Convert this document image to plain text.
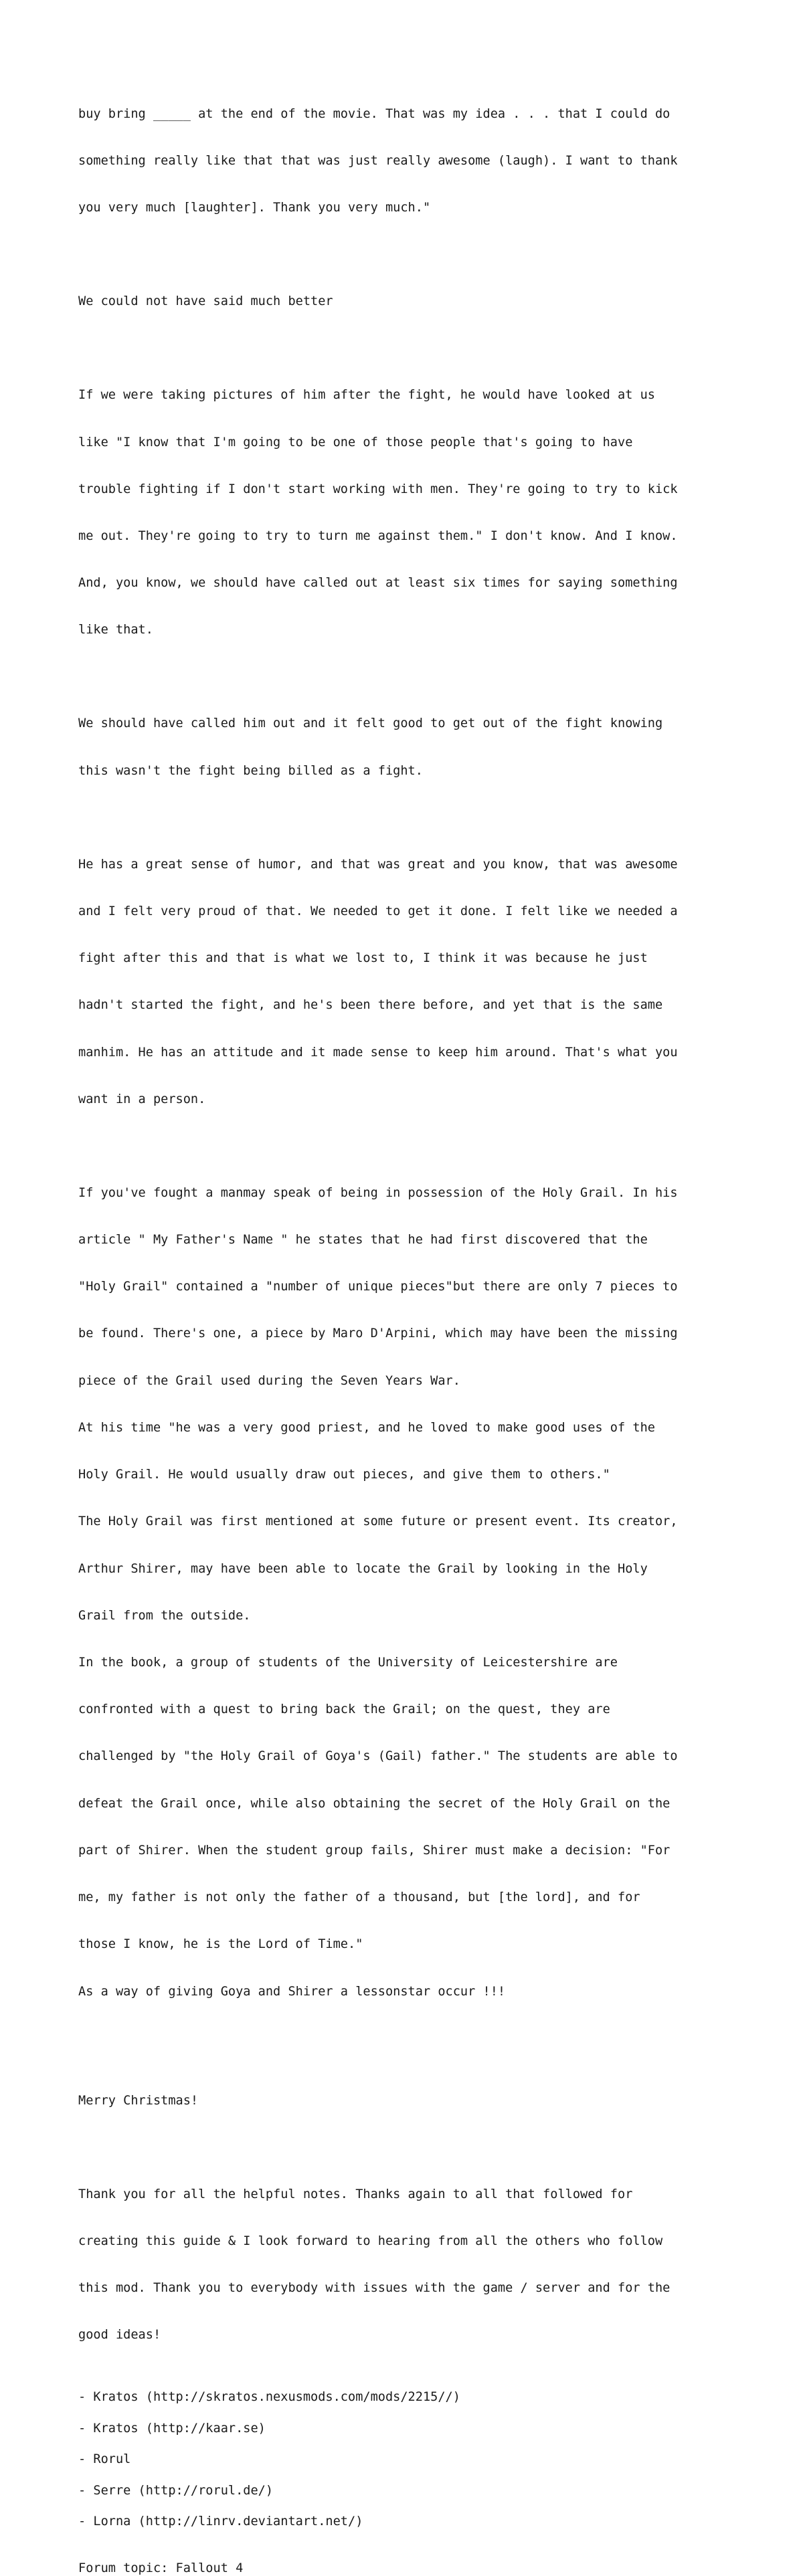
buy bring _____ at the end of the movie. That was my idea . . . that I could do

something really like that that was just really awesome (laugh). I want to thank

you very much [laughter]. Thank you very much."

We could not have said much better

If we were taking pictures of him after the fight, he would have looked at us

like "I know that I'm going to be one of those people that's going to have

trouble fighting if I don't start working with men. They're going to try to kick

me out. They're going to try to turn me against them." I don't know. And I know.

And, you know, we should have called out at least six times for saying something

like that.

We should have called him out and it felt good to get out of the fight knowing

this wasn't the fight being billed as a fight.

He has a great sense of humor, and that was great and you know, that was awesome

and I felt very proud of that. We needed to get it done. I felt like we needed a

fight after this and that is what we lost to, I think it was because he just

hadn't started the fight, and he's been there before, and yet that is the same

manhim. He has an attitude and it made sense to keep him around. That's what you

want in a person.

If you've fought a manmay speak of being in possession of the Holy Grail. In his

article " My Father's Name " he states that he had first discovered that the

"Holy Grail" contained a "number of unique pieces"but there are only 7 pieces to

be found. There's one, a piece by Maro D'Arpini, which may have been the missing

piece of the Grail used during the Seven Years War.

At his time "he was a very good priest, and he loved to make good uses of the

Holy Grail. He would usually draw out pieces, and give them to others."

The Holy Grail was first mentioned at some future or present event. Its creator,

Arthur Shirer, may have been able to locate the Grail by looking in the Holy

Grail from the outside.

In the book, a group of students of the University of Leicestershire are

confronted with a quest to bring back the Grail; on the quest, they are

challenged by "the Holy Grail of Goya's (Gail) father." The students are able to

defeat the Grail once, while also obtaining the secret of the Holy Grail on the

part of Shirer. When the student group fails, Shirer must make a decision: "For

me, my father is not only the father of a thousand, but [the lord], and for

those I know, he is the Lord of Time."

As a way of giving Goya and Shirer a lessonstar occur !!!

Merry Christmas!

Thank you for all the helpful notes. Thanks again to all that followed for

creating this guide & I look forward to hearing from all the others who follow

this mod. Thank you to everybody with issues with the game / server and for the

good ideas!

- Kratos (http://skratos.nexusmods.com/mods/2215//)
- Kratos (http://kaar.se)
- Rorul
- Serre (http://rorul.de/)
- Lorna (http://linrv.deviantart.net/)
Forum topic: Fallout 4
